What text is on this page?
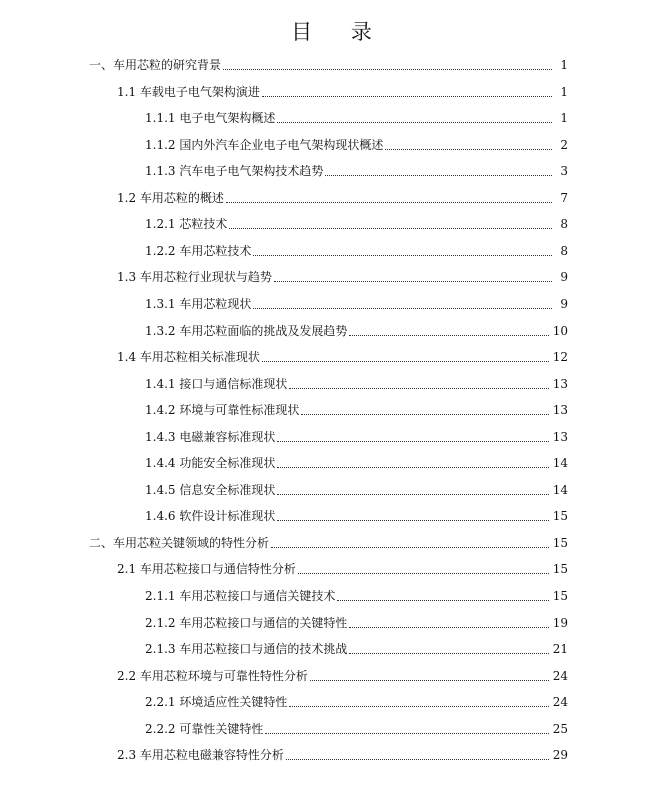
目 录
一、车用芯粒的研究背景	1
1.1 车载电子电气架构演进	1
1.1.1 电子电气架构概述	1
1.1.2 国内外汽车企业电子电气架构现状概述	2
1.1.3 汽车电子电气架构技术趋势	3
1.2 车用芯粒的概述	7
1.2.1 芯粒技术	8
1.2.2 车用芯粒技术	8
1.3 车用芯粒行业现状与趋势	9
1.3.1 车用芯粒现状	9
1.3.2 车用芯粒面临的挑战及发展趋势	10
1.4 车用芯粒相关标准现状	12
1.4.1 接口与通信标准现状	13
1.4.2 环境与可靠性标准现状	13
1.4.3 电磁兼容标准现状	13
1.4.4 功能安全标准现状	14
1.4.5 信息安全标准现状	14
1.4.6 软件设计标准现状	15
二、车用芯粒关键领域的特性分析	15
2.1 车用芯粒接口与通信特性分析	15
2.1.1 车用芯粒接口与通信关键技术	15
2.1.2 车用芯粒接口与通信的关键特性	19
2.1.3 车用芯粒接口与通信的技术挑战	21
2.2 车用芯粒环境与可靠性特性分析	24
2.2.1 环境适应性关键特性	24
2.2.2 可靠性关键特性	25
2.3 车用芯粒电磁兼容特性分析	29
